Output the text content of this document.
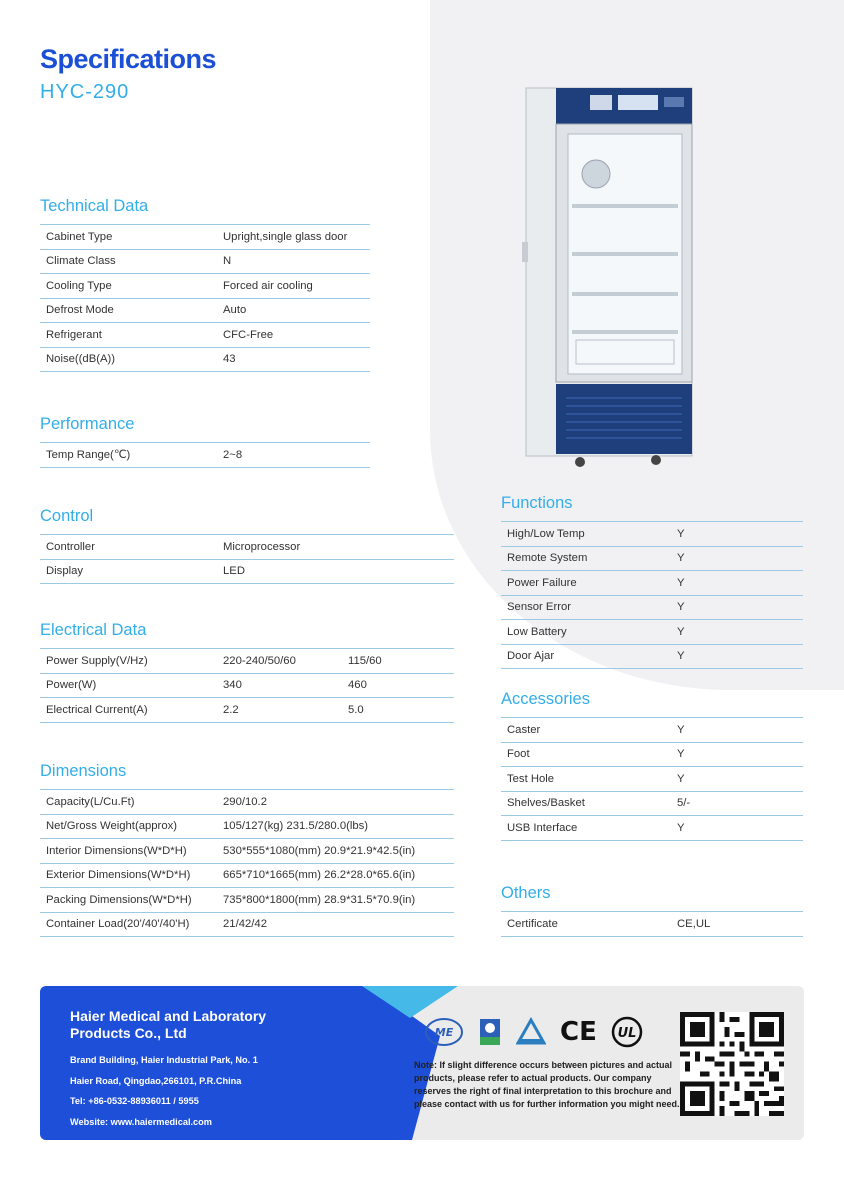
Specifications
HYC-290
Technical Data
Cabinet Type	Upright,single glass door
Climate Class	N
Cooling Type	Forced air cooling
Defrost Mode	Auto
Refrigerant	CFC-Free
Noise((dB(A))	43
Performance
Temp Range(℃)	2~8
Control
Controller	Microprocessor
Display	LED
Electrical Data
Power Supply(V/Hz)	220-240/50/60	115/60
Power(W)	340	460
Electrical Current(A)	2.2	5.0
Dimensions
Capacity(L/Cu.Ft)	290/10.2
Net/Gross Weight(approx)	105/127(kg) 231.5/280.0(lbs)
Interior Dimensions(W*D*H)	530*555*1080(mm) 20.9*21.9*42.5(in)
Exterior Dimensions(W*D*H)	665*710*1665(mm) 26.2*28.0*65.6(in)
Packing Dimensions(W*D*H)	735*800*1800(mm) 28.9*31.5*70.9(in)
Container Load(20'/40'/40'H)	21/42/42
Functions
High/Low Temp	Y
Remote System	Y
Power Failure	Y
Sensor Error	Y
Low Battery	Y
Door Ajar	Y
Accessories
Caster	Y
Foot	Y
Test Hole	Y
Shelves/Basket	5/-
USB Interface	Y
Others
Certificate	CE,UL
Haier Medical and Laboratory Products Co., Ltd
Brand Building, Haier Industrial Park, No. 1
Haier Road, Qingdao,266101, P.R.China
Tel: +86-0532-88936011 / 5955
Website: www.haiermedical.com
ME	CE UL
Note: If slight difference occurs between pictures and actual products, please refer to actual products. Our company reserves the right of final interpretation to this brochure and please contact with us for further information you might need.
